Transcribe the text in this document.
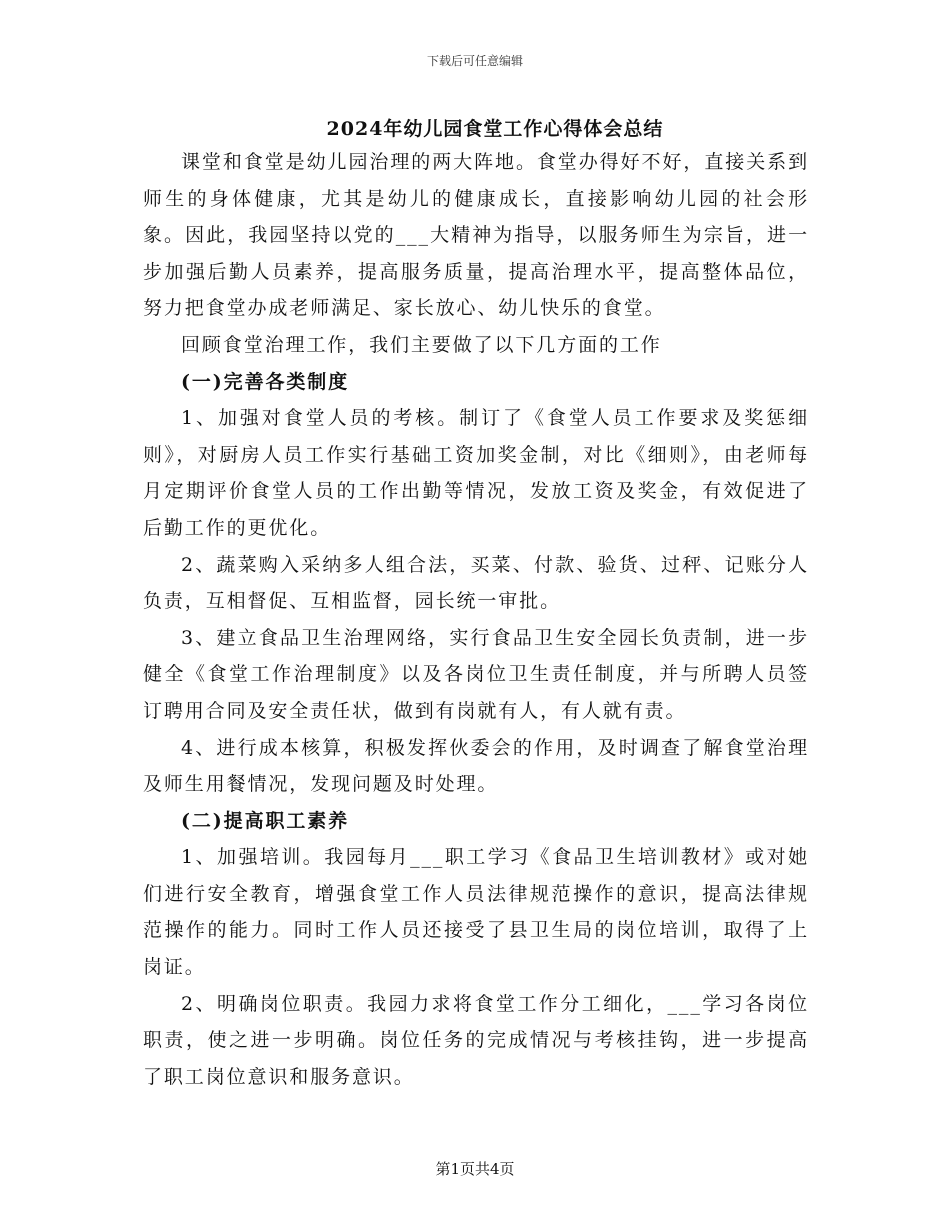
下载后可任意编辑
2024年幼儿园食堂工作心得体会总结

课堂和食堂是幼儿园治理的两大阵地。食堂办得好不好，直接关系到师生的身体健康，尤其是幼儿的健康成长，直接影响幼儿园的社会形象。因此，我园坚持以党的___大精神为指导，以服务师生为宗旨，进一步加强后勤人员素养，提高服务质量，提高治理水平，提高整体品位，努力把食堂办成老师满足、家长放心、幼儿快乐的食堂。

回顾食堂治理工作，我们主要做了以下几方面的工作

(一)完善各类制度

1、加强对食堂人员的考核。制订了《食堂人员工作要求及奖惩细则》，对厨房人员工作实行基础工资加奖金制，对比《细则》，由老师每月定期评价食堂人员的工作出勤等情况，发放工资及奖金，有效促进了后勤工作的更优化。

2、蔬菜购入采纳多人组合法，买菜、付款、验货、过秤、记账分人负责，互相督促、互相监督，园长统一审批。

3、建立食品卫生治理网络，实行食品卫生安全园长负责制，进一步健全《食堂工作治理制度》以及各岗位卫生责任制度，并与所聘人员签订聘用合同及安全责任状，做到有岗就有人，有人就有责。

4、进行成本核算，积极发挥伙委会的作用，及时调查了解食堂治理及师生用餐情况，发现问题及时处理。

(二)提高职工素养

1、加强培训。我园每月___职工学习《食品卫生培训教材》或对她们进行安全教育，增强食堂工作人员法律规范操作的意识，提高法律规范操作的能力。同时工作人员还接受了县卫生局的岗位培训，取得了上岗证。

2、明确岗位职责。我园力求将食堂工作分工细化，___学习各岗位职责，使之进一步明确。岗位任务的完成情况与考核挂钩，进一步提高了职工岗位意识和服务意识。

第1页共4页
